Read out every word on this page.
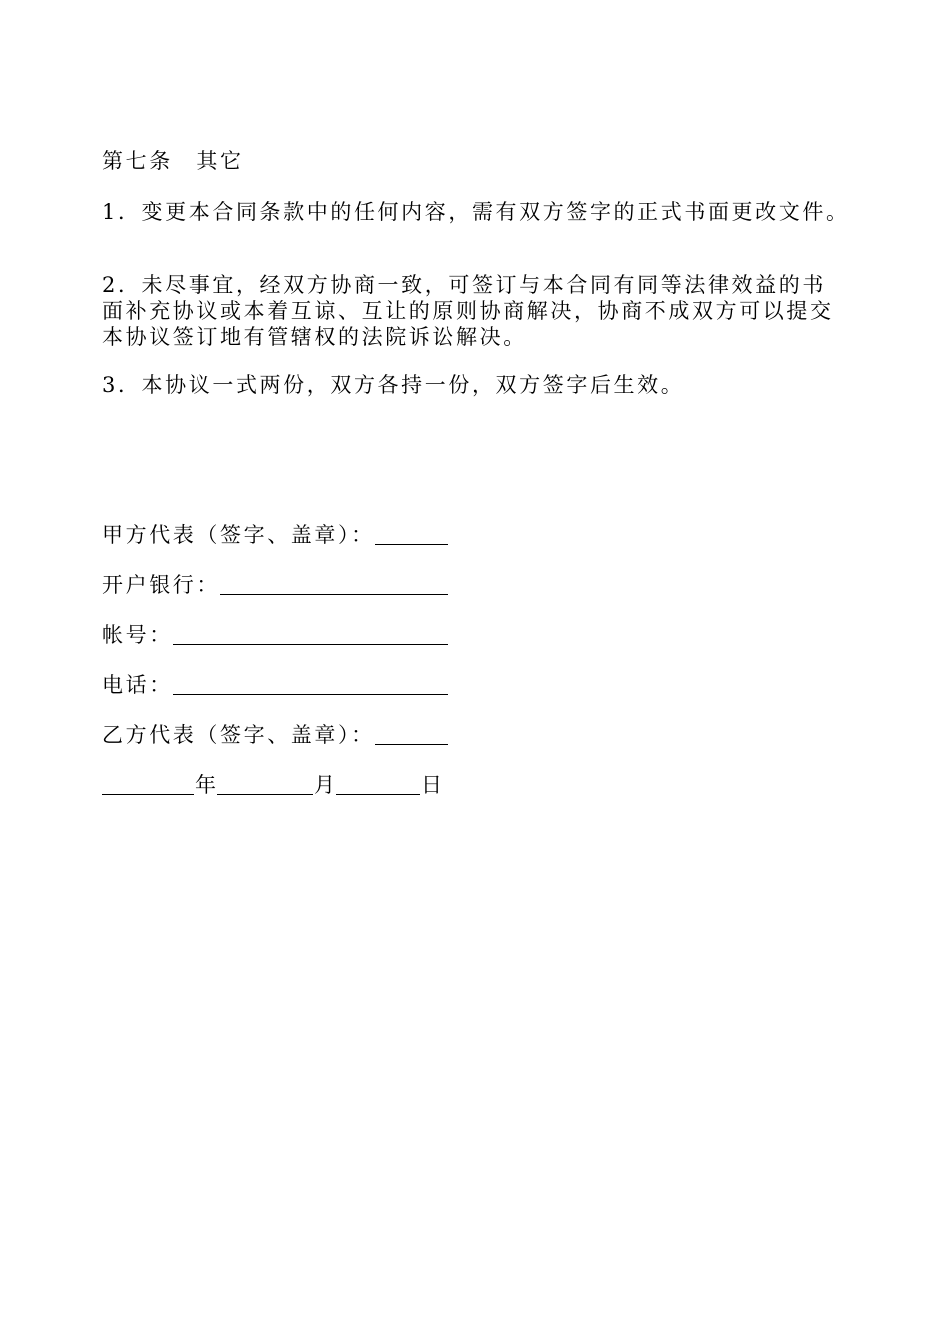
第七条　其它
1．变更本合同条款中的任何内容，需有双方签字的正式书面更改文件。
2．未尽事宜，经双方协商一致，可签订与本合同有同等法律效益的书
面补充协议或本着互谅、互让的原则协商解决，协商不成双方可以提交
本协议签订地有管辖权的法院诉讼解决。
3．本协议一式两份，双方各持一份，双方签字后生效。
甲方代表（签字、盖章）：
开户银行：
帐号：
电话：
乙方代表（签字、盖章）：
年	月	日
